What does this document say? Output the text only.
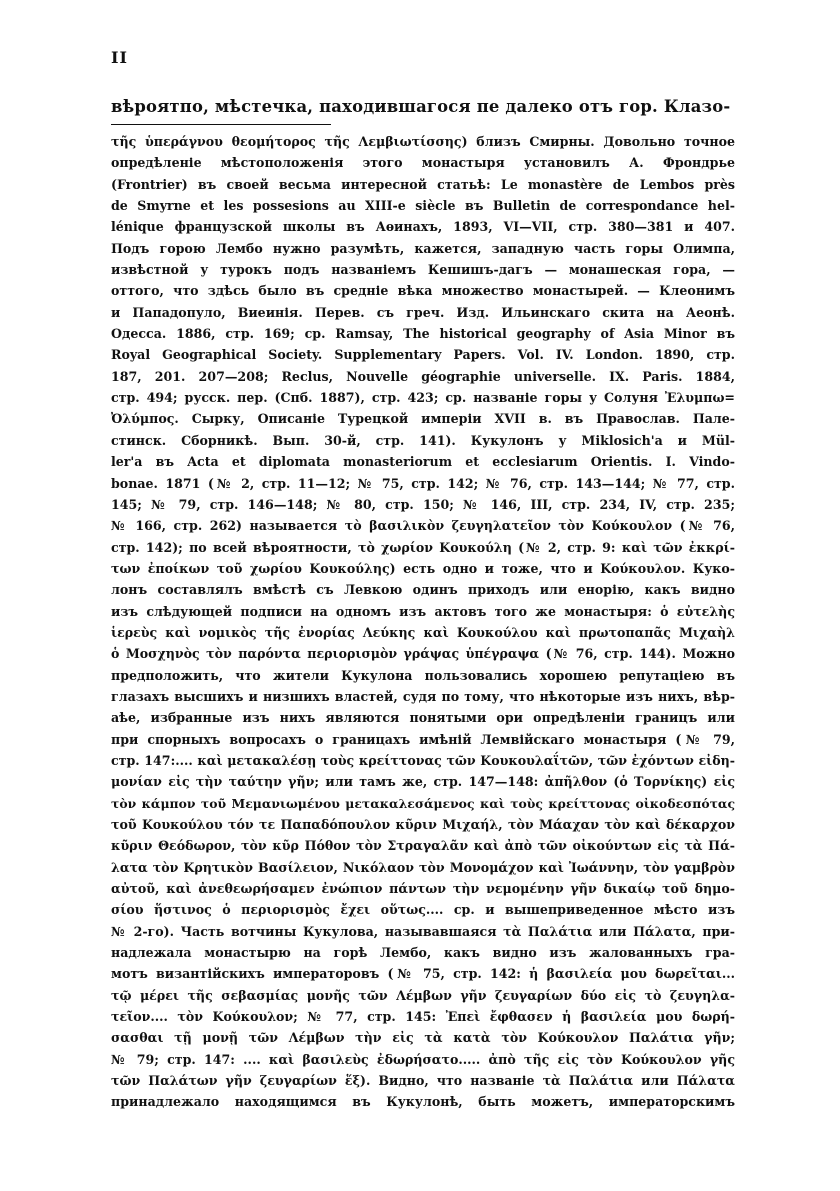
II
вѣроятпо, мѣстечка, паходившагося пе далеко отъ гор. Клазо-
τῆς ὑπεράγνου θεομήτορος τῆς Λεμβιωτίσσης) близъ Смирны. Довольно точное
опредѣленіе мѣстоположенія этого монастыря установилъ А. Фрондрье
(Frontrier) въ своей весьма интересной статьѣ: Le monastère de Lembos près
de Smyrne et les possesions au XIII-e siècle въ Bulletin de correspondance hel-
lénique французской школы въ Аѳинахъ, 1893, VI—VII, стр. 380—381 и 407.
Подъ горою Лембо нужно разумѣть, кажется, западную часть горы Олимпа,
извѣстной у турокъ подъ названіемъ Кешишъ-дагъ — монашеская гора, —
оттого, что здѣсь было въ средніе вѣка множество монастырей. — Клеонимъ
и Пападопуло, Виеинія. Перев. съ греч. Изд. Ильинскаго скита на Аеонѣ.
Одесса. 1886, стр. 169; ср. Ramsay, The historical geography of Asia Minor въ
Royal Geographical Society. Supplementary Papers. Vol. IV. London. 1890, стр.
187, 201. 207—208; Reclus, Nouvelle géographie universelle. IX. Paris. 1884,
стр. 494; русск. пер. (Спб. 1887), стр. 423; ср. названіе горы у Солуня Ἐλυμπω=
Ὀλύμπος. Сырку, Описаніе Турецкой имперіи XVII в. въ Православ. Пале-
стинск. Сборникѣ. Вып. 30-й, стр. 141). Кукулонъ у Miklosich'а и Mül-
ler'а въ Acta et diplomata monasteriorum et ecclesiarum Orientis. I. Vindo-
bonae. 1871 (№ 2, стр. 11—12; № 75, стр. 142; № 76, стр. 143—144; № 77, стр.
145; № 79, стр. 146—148; № 80, стр. 150; № 146, III, стр. 234, IV, стр. 235;
№ 166, стр. 262) называется τὸ βασιλικὸν ζευγηλατεῖον τὸν Κούκουλον (№ 76,
стр. 142); по всей вѣроятности, τὸ χωρίον Κουκούλη (№ 2, стр. 9: καὶ τῶν ἐκκρί-
των ἐποίκων τοῦ χωρίου Κουκούλης) есть одно и тоже, что и Κούκουλον. Куко-
лонъ составлялъ вмѣстѣ съ Левкою одинъ приходъ или енорію, какъ видно
изъ слѣдующей подписи на одномъ изъ актовъ того же монастыря: ὁ εὐτελὴς
ἱερεὺς καὶ νομικὸς τῆς ἐνορίας Λεύκης καὶ Κουκούλου καὶ πρωτοπαπᾶς Μιχαὴλ
ὁ Μοσχηνὸς τὸν παρόντα περιορισμὸν γράψας ὑπέγραψα (№ 76, стр. 144). Можно
предположить, что жители Кукулона пользовались хорошею репутаціею въ
глазахъ высшихъ и низшихъ властей, судя по тому, что нѣкоторые изъ нихъ, вѣр-
аѣе, избранные изъ нихъ являются понятыми ори опредѣленіи границъ или
при спорныхъ вопросахъ о границахъ имѣній Лемвійскаго монастыря (№ 79,
стр. 147:.... καὶ μετακαλέσῃ τοὺς κρείττονας τῶν Κουκουλαΐτῶν, τῶν ἐχόντων εἰδη-
μονίαν εἰς τὴν ταύτην γῆν; или тамъ же, стр. 147—148: ἀπῆλθον (ὁ Τορνίκης) εἰς
τὸν κάμπον τοῦ Μεμανιωμένου μετακαλεσάμενος καὶ τοὺς κρείττονας οἰκοδεσπότας
τοῦ Κουκούλου τόν τε Παπαδόπουλον κῦριν Μιχαήλ, τὸν Μάαχαν τὸν καὶ δέκαρχον
κῦριν Θεόδωρον, τὸν κῦρ Πόθον τὸν Στραγαλᾶν καὶ ἀπὸ τῶν οἰκούντων εἰς τὰ Πά-
λατα τὸν Κρητικὸν Βασίλειον, Νικόλαον τὸν Μονομάχον καὶ Ἰωάννην, τὸν γαμβρὸν
αὐτοῦ, καὶ ἀνεθεωρήσαμεν ἐνώπιον πάντων τὴν νεμομένην γῆν δικαίῳ τοῦ δημο-
σίου ἥστινος ὁ περιορισμὸς ἔχει οὕτως.... ср. и вышеприведенное мѣсто изъ
№ 2-го). Часть вотчины Кукулова, называвшаяся τὰ Παλάτια или Πάλατα, при-
надлежала монастырю на горѣ Лембо, какъ видно изъ жалованныхъ гра-
мотъ византійскихъ императоровъ (№ 75, стр. 142: ἡ βασιλεία μου δωρεῖται...
τῷ μέρει τῆς σεβασμίας μονῆς τῶν Λέμβων γῆν ζευγαρίων δύο εἰς τὸ ζευγηλα-
τεῖον.... τὸν Κούκουλον; № 77, стр. 145: Ἐπεὶ ἔφθασεν ἡ βασιλεία μου δωρή-
σασθαι τῇ μονῇ τῶν Λέμβων τὴν εἰς τὰ κατὰ τὸν Κούκουλον Παλάτια γῆν;
№ 79; стр. 147: .... καὶ βασιλεὺς ἐδωρήσατο..... ἀπὸ τῆς εἰς τὸν Κούκουλον γῆς
τῶν Παλάτων γῆν ζευγαρίων ἕξ). Видно, что названіе τὰ Παλάτια или Πάλατα
принадлежало находящимся въ Кукулонѣ, быть можетъ, императорскимъ
